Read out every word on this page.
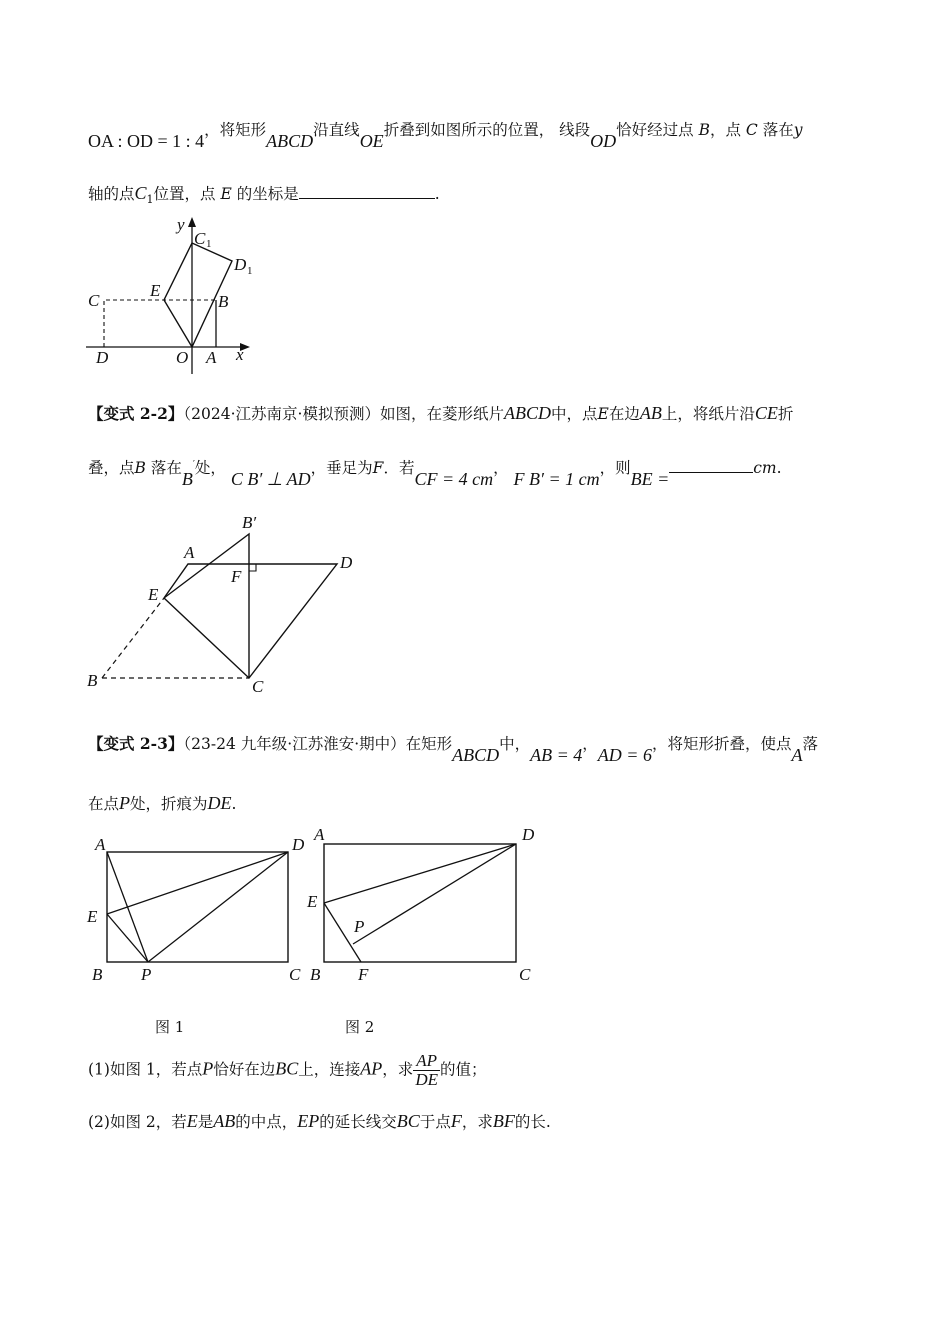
OA : OD = 1 : 4，将矩形ABCD沿直线OE折叠到如图所示的位置， 线段OD恰好经过点 B，点 C 落在y
轴的点$C_1$位置，点 E 的坐标是	.
y
x
C 1
D 1
C
E
B
D	O A
【变式 2-2】（2024·江苏南京·模拟预测）如图，在菱形纸片ABCD中，点E在边AB上，将纸片沿CE折
叠，点B 落在B′处， C B′ ⊥ AD，垂足为F．若CF = 4 cm， F B′ = 1 cm，则BE =cm.
B′
A
D
F
E
B	C
【变式 2-3】（23-24 九年级·江苏淮安·期中）在矩形ABCD中，AB = 4，AD = 6，将矩形折叠，使点A落
在点P处，折痕为DE.
A	D
E
B P	C
A	D
E
P
B F	C
图 1	图 2
(1)如图 1，若点P恰好在边BC上，连接AP，求 $\frac{AP}{DE}$ 的值；
(2)如图 2，若E是AB的中点，EP的延长线交BC于点F，求BF的长.
